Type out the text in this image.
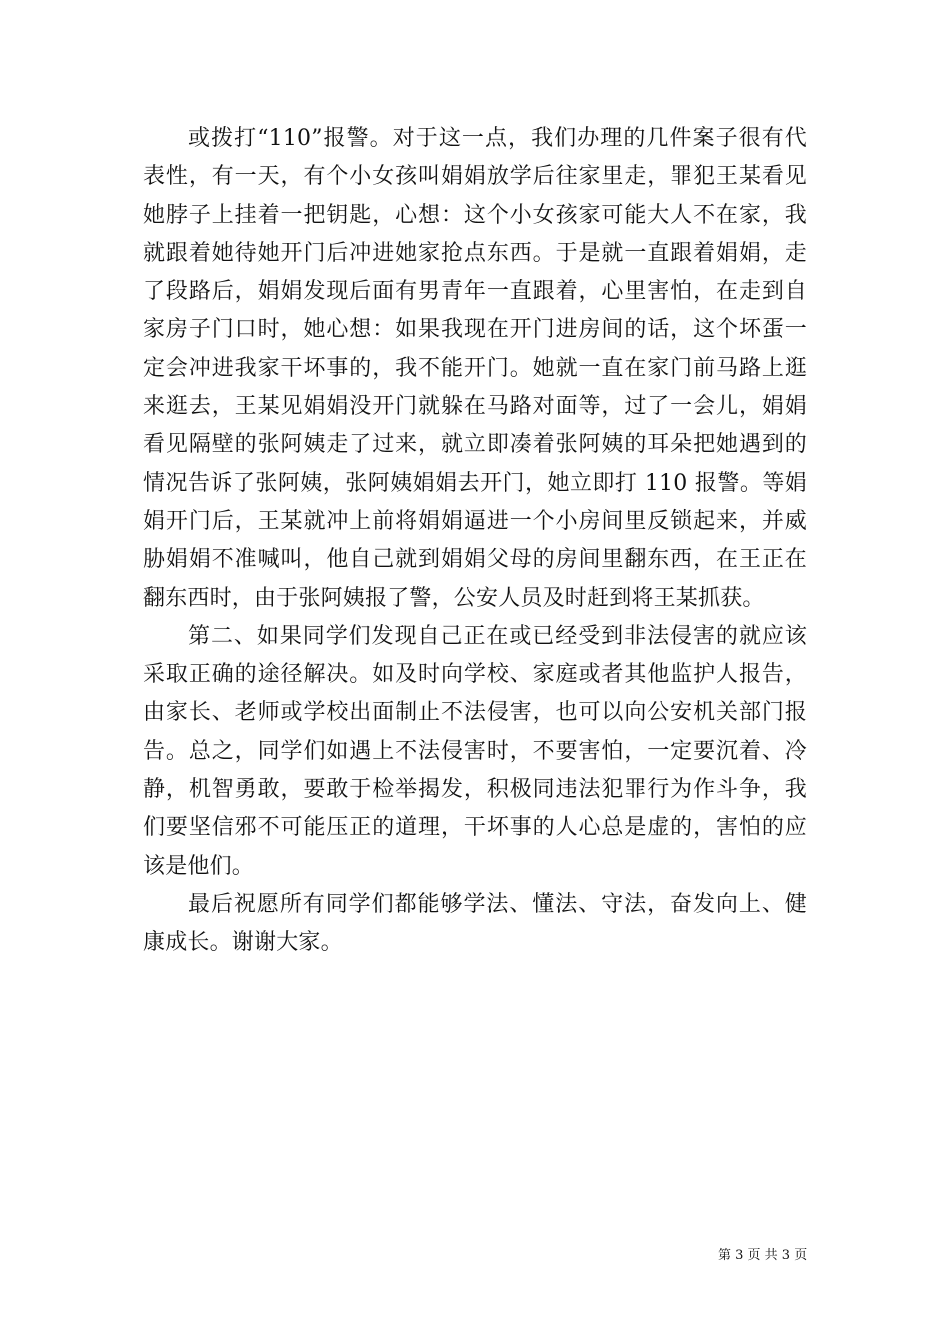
或拨打“110”报警。对于这一点，我们办理的几件案子很有代表性，有一天，有个小女孩叫娟娟放学后往家里走，罪犯王某看见她脖子上挂着一把钥匙，心想：这个小女孩家可能大人不在家，我就跟着她待她开门后冲进她家抢点东西。于是就一直跟着娟娟，走了段路后，娟娟发现后面有男青年一直跟着，心里害怕，在走到自家房子门口时，她心想：如果我现在开门进房间的话，这个坏蛋一定会冲进我家干坏事的，我不能开门。她就一直在家门前马路上逛来逛去，王某见娟娟没开门就躲在马路对面等，过了一会儿，娟娟看见隔壁的张阿姨走了过来，就立即凑着张阿姨的耳朵把她遇到的情况告诉了张阿姨，张阿姨娟娟去开门，她立即打 110 报警。等娟娟开门后，王某就冲上前将娟娟逼进一个小房间里反锁起来，并威胁娟娟不准喊叫，他自己就到娟娟父母的房间里翻东西，在王正在翻东西时，由于张阿姨报了警，公安人员及时赶到将王某抓获。

第二、如果同学们发现自己正在或已经受到非法侵害的就应该采取正确的途径解决。如及时向学校、家庭或者其他监护人报告，由家长、老师或学校出面制止不法侵害，也可以向公安机关部门报告。总之，同学们如遇上不法侵害时，不要害怕，一定要沉着、冷静，机智勇敢，要敢于检举揭发，积极同违法犯罪行为作斗争，我们要坚信邪不可能压正的道理，干坏事的人心总是虚的，害怕的应该是他们。

最后祝愿所有同学们都能够学法、懂法、守法，奋发向上、健康成长。谢谢大家。

第 3 页 共 3 页
